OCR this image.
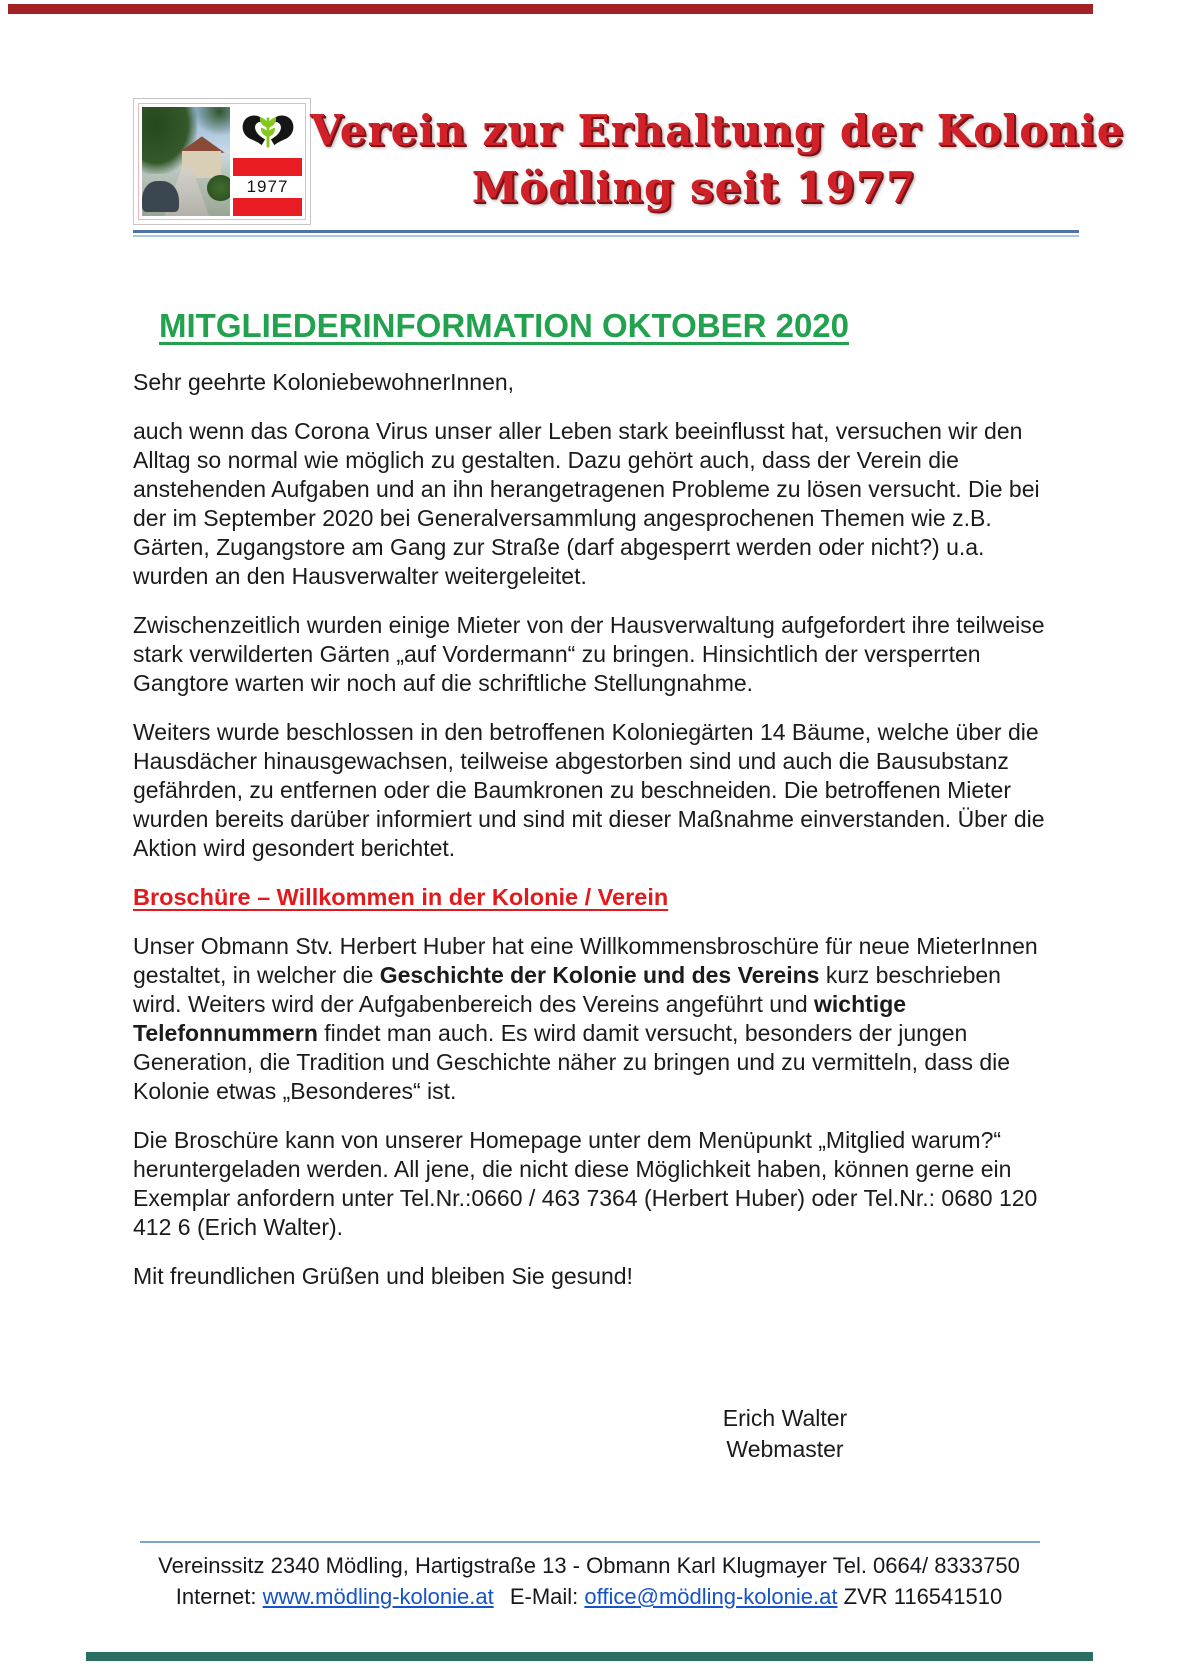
1977
Verein zur Erhaltung der Kolonie
Mödling seit 1977
MITGLIEDERINFORMATION OKTOBER 2020

Sehr geehrte KoloniebewohnerInnen,

auch wenn das Corona Virus unser aller Leben stark beeinflusst hat, versuchen wir den Alltag so normal wie möglich zu gestalten. Dazu gehört auch, dass der Verein die anstehenden Aufgaben und an ihn herangetragenen Probleme zu lösen versucht. Die bei der im September 2020 bei Generalversammlung angesprochenen Themen wie z.B. Gärten, Zugangstore am Gang zur Straße (darf abgesperrt werden oder nicht?) u.a. wurden an den Hausverwalter weitergeleitet.

Zwischenzeitlich wurden einige Mieter von der Hausverwaltung aufgefordert ihre teilweise stark verwilderten Gärten „auf Vordermann“ zu bringen. Hinsichtlich der versperrten Gangtore warten wir noch auf die schriftliche Stellungnahme.

Weiters wurde beschlossen in den betroffenen Koloniegärten 14 Bäume, welche über die Hausdächer hinausgewachsen, teilweise abgestorben sind und auch die Bausubstanz gefährden, zu entfernen oder die Baumkronen zu beschneiden. Die betroffenen Mieter wurden bereits darüber informiert und sind mit dieser Maßnahme einverstanden. Über die Aktion wird gesondert berichtet.

Broschüre – Willkommen in der Kolonie / Verein

Unser Obmann Stv. Herbert Huber hat eine Willkommensbroschüre für neue MieterInnen gestaltet, in welcher die Geschichte der Kolonie und des Vereins kurz beschrieben wird. Weiters wird der Aufgabenbereich des Vereins angeführt und wichtige Telefonnummern findet man auch. Es wird damit versucht, besonders der jungen Generation, die Tradition und Geschichte näher zu bringen und zu vermitteln, dass die Kolonie etwas „Besonderes“ ist.

Die Broschüre kann von unserer Homepage unter dem Menüpunkt „Mitglied warum?“ heruntergeladen werden. All jene, die nicht diese Möglichkeit haben, können gerne ein Exemplar anfordern unter Tel.Nr.:0660 / 463 7364 (Herbert Huber) oder Tel.Nr.: 0680 120 412 6 (Erich Walter).

Mit freundlichen Grüßen und bleiben Sie gesund!

Erich Walter
Webmaster
Vereinssitz 2340 Mödling, Hartigstraße 13 - Obmann Karl Klugmayer Tel. 0664/ 8333750
Internet: www.mödling-kolonie.at E-Mail: office@mödling-kolonie.at ZVR 116541510
